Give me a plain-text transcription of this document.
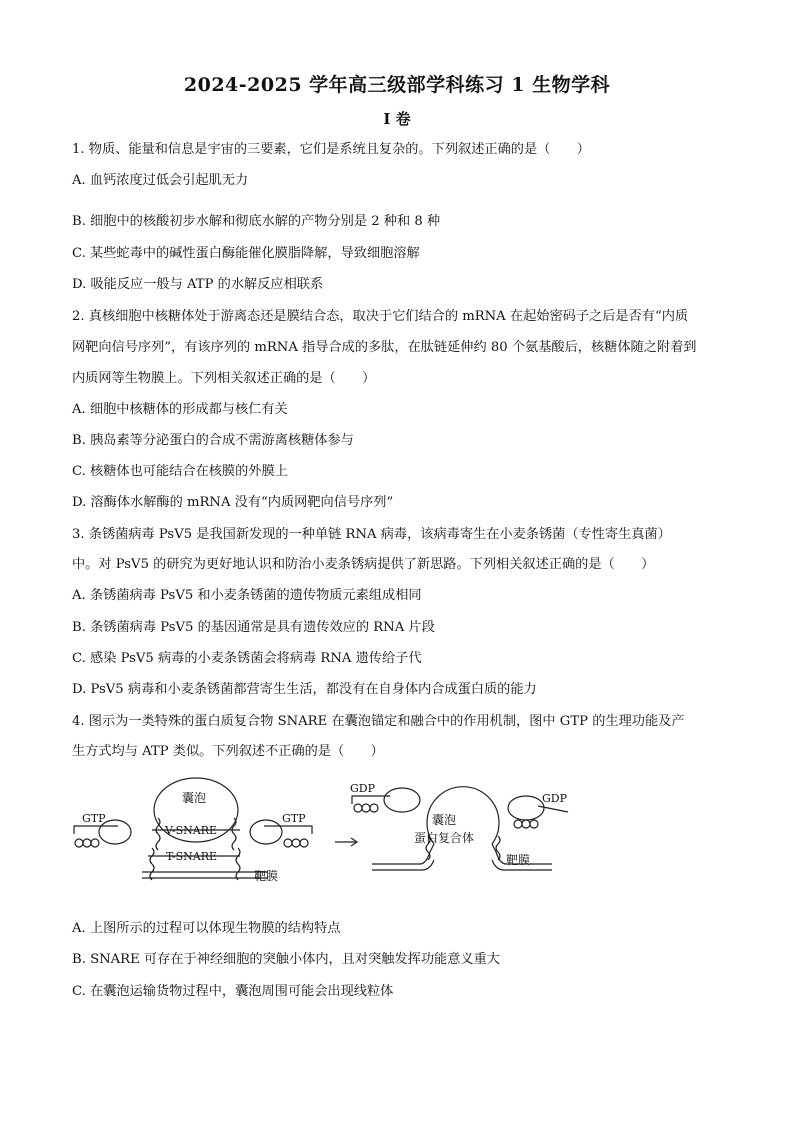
2024-2025 学年高三级部学科练习 1 生物学科
I 卷
1. 物质、能量和信息是宇宙的三要素，它们是系统且复杂的。下列叙述正确的是（　　）
A. 血钙浓度过低会引起肌无力
B. 细胞中的核酸初步水解和彻底水解的产物分别是 2 种和 8 种
C. 某些蛇毒中的碱性蛋白酶能催化膜脂降解，导致细胞溶解
D. 吸能反应一般与 ATP 的水解反应相联系
2. 真核细胞中核糖体处于游离态还是膜结合态，取决于它们结合的 mRNA 在起始密码子之后是否有“内质
网靶向信号序列”，有该序列的 mRNA 指导合成的多肽，在肽链延伸约 80 个氨基酸后，核糖体随之附着到
内质网等生物膜上。下列相关叙述正确的是（　　）
A. 细胞中核糖体的形成都与核仁有关
B. 胰岛素等分泌蛋白的合成不需游离核糖体参与
C. 核糖体也可能结合在核膜的外膜上
D. 溶酶体水解酶的 mRNA 没有“内质网靶向信号序列”
3. 条锈菌病毒 PsV5 是我国新发现的一种单链 RNA 病毒，该病毒寄生在小麦条锈菌（专性寄生真菌）
中。对 PsV5 的研究为更好地认识和防治小麦条锈病提供了新思路。下列相关叙述正确的是（　　）
A. 条锈菌病毒 PsV5 和小麦条锈菌的遗传物质元素组成相同
B. 条锈菌病毒 PsV5 的基因通常是具有遗传效应的 RNA 片段
C. 感染 PsV5 病毒的小麦条锈菌会将病毒 RNA 遗传给子代
D. PsV5 病毒和小麦条锈菌都营寄生生活，都没有在自身体内合成蛋白质的能力
4. 图示为一类特殊的蛋白质复合物 SNARE 在囊泡锚定和融合中的作用机制，图中 GTP 的生理功能及产
生方式均与 ATP 类似。下列叙述不正确的是（　　）
囊泡
V-SNARE
T-SNARE
GTP	GTP
靶膜
GDP
GDP
囊泡
蛋白复合体
靶膜
A. 上图所示的过程可以体现生物膜的结构特点
B. SNARE 可存在于神经细胞的突触小体内，且对突触发挥功能意义重大
C. 在囊泡运输货物过程中，囊泡周围可能会出现线粒体
